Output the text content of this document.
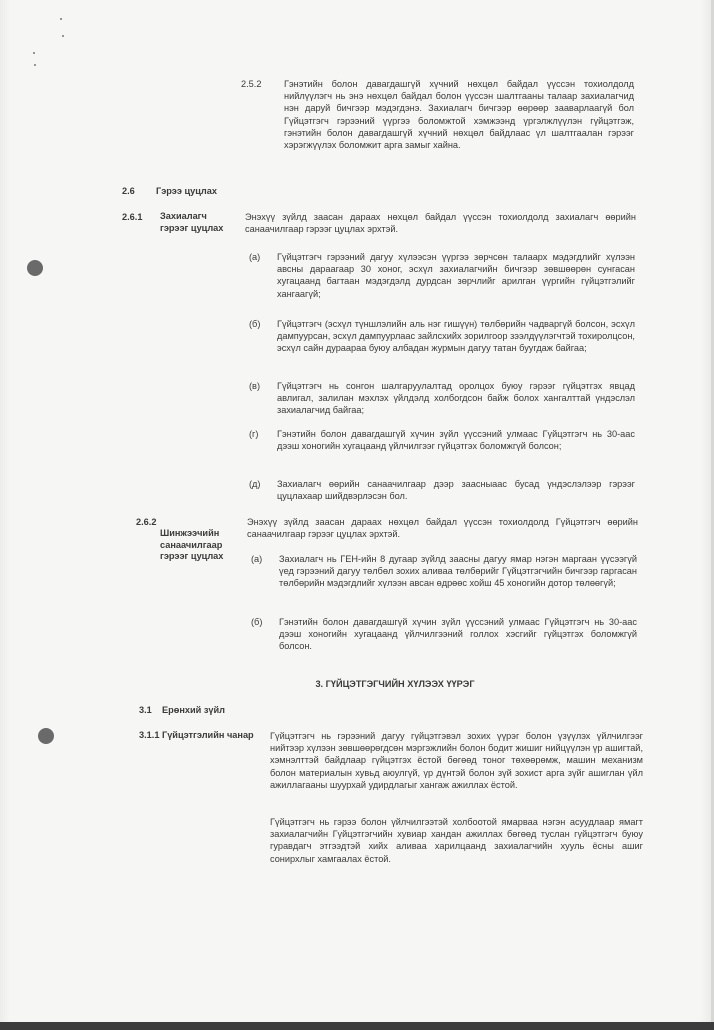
2.5.2 Гэнэтийн болон давагдашгүй хүчний нөхцөл байдал үүссэн тохиолдолд нийлүүлэгч нь энэ нөхцөл байдал болон үүссэн шалтгааны талаар захиалагчид нэн даруй бичгээр мэдэгдэнэ. Захиалагч бичгээр өөрөөр зааварлаагүй бол Гүйцэтгэгч гэрээний үүргээ боломжтой хэмжээнд үргэлжлүүлэн гүйцэтгэж, гэнэтийн болон давагдашгүй хүчний нөхцөл байдлаас үл шалтгаалан гэрээг хэрэгжүүлэх боломжит арга замыг хайна.
2.6 Гэрээ цуцлах
2.6.1 Захиалагч гэрээг цуцлах
Энэхүү зүйлд заасан дараах нөхцөл байдал үүссэн тохиолдолд захиалагч өөрийн санаачилгаар гэрээг цуцлах эрхтэй.
(а) Гүйцэтгэгч гэрээний дагуу хүлээсэн үүргээ зөрчсөн талаарх мэдэгдлийг хүлээн авсны дараагаар 30 хоног, эсхүл захиалагчийн бичгээр зөвшөөрөн сунгасан хугацаанд багтаан мэдэгдэлд дурдсан зөрчлийг арилган үүргийн гүйцэтгэлийг хангаагүй;
(б) Гүйцэтгэгч (эсхүл түншлэлийн аль нэг гишүүн) төлбөрийн чадваргүй болсон, эсхүл дампуурсан, эсхүл дампуурлаас зайлсхийх зорилгоор зээлдүүлэгчтэй тохиролцсон, эсхүл сайн дураараа буюу албадан журмын дагуу татан буугдаж байгаа;
(в) Гүйцэтгэгч нь сонгон шалгаруулалтад оролцох буюу гэрээг гүйцэтгэх явцад авлигал, залилан мэхлэх үйлдэлд холбогдсон байж болох хангалттай үндэслэл захиалагчид байгаа;
(г) Гэнэтийн болон давагдашгүй хүчин зүйл үүссэний улмаас Гүйцэтгэгч нь 30-аас дээш хоногийн хугацаанд үйлчилгээг гүйцэтгэх боломжгүй болсон;
(д) Захиалагч өөрийн санаачилгаар дээр заасныаас бусад үндэслэлээр гэрээг цуцлахаар шийдвэрлэсэн бол.
2.6.2
Шинжээчийн санаачилгаар гэрээг цуцлах
Энэхүү зүйлд заасан дараах нөхцөл байдал үүссэн тохиолдолд Гүйцэтгэгч өөрийн санаачилгаар гэрээг цуцлах эрхтэй.
(а) Захиалагч нь ГЕН-ийн 8 дугаар зүйлд заасны дагуу ямар нэгэн маргаан үүсээгүй үед гэрээний дагуу төлбөл зохих аливаа төлбөрийг Гүйцэтгэгчийн бичгээр гаргасан төлбөрийн мэдэгдлийг хүлээн авсан өдрөөс хойш 45 хоногийн дотор төлөөгүй;
(б) Гэнэтийн болон давагдашгүй хүчин зүйл үүссэний улмаас Гүйцэтгэгч нь 30-аас дээш хоногийн хугацаанд үйлчилгээний голлох хэсгийг гүйцэтгэх боломжгүй болсон.
3. ГҮЙЦЭТГЭГЧИЙН ХҮЛЭЭХ ҮҮРЭГ
3.1 Ерөнхий зүйл
3.1.1 Гүйцэтгэлийн чанар	Гүйцэтгэгч нь гэрээний дагуу гүйцэтгэвэл зохих үүрэг болон үзүүлэх үйлчилгээг нийтээр хүлээн зөвшөөрөгдсөн мэргэжлийн болон бодит жишиг нийцүүлэн үр ашигтай, хэмнэлттэй байдлаар гүйцэтгэх ёстой бөгөөд тоног төхөөрөмж, машин механизм болон материалын хувьд аюулгүй, үр дүнтэй болон зүй зохист арга зүйг ашиглан үйл ажиллагааны шуурхай удирдлагыг хангаж ажиллах ёстой.
Гүйцэтгэгч нь гэрээ болон үйлчилгээтэй холбоотой ямарваа нэгэн асуудлаар ямагт захиалагчийн Гүйцэтгэгчийн хувиар хандан ажиллах бөгөөд туслан гүйцэтгэгч буюу гуравдагч этгээдтэй хийх аливаа харилцаанд захиалагчийн хууль ёсны ашиг сонирхлыг хамгаалах ёстой.
